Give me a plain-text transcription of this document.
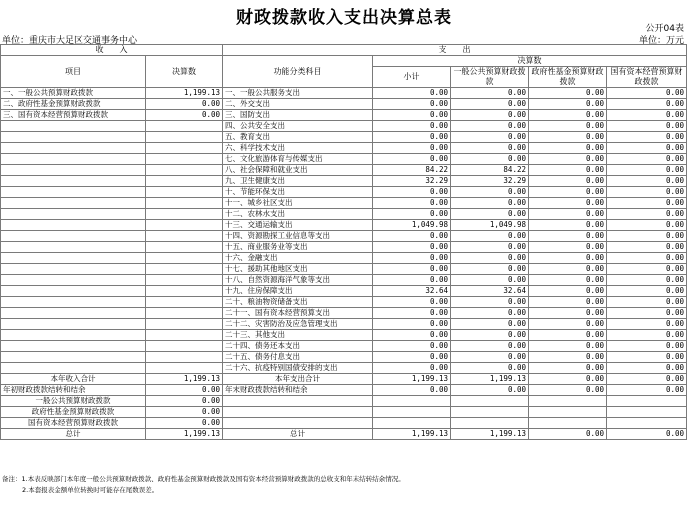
财政拨款收入支出决算总表
公开04表
单位：重庆市大足区交通事务中心	单位：万元
收　　入		支　　出				
项目	决算数	功能分类科目	决算数			
			小计	一般公共预算财政拨款	政府性基金预算财政拨款	国有资本经营预算财政拨款

一、一般公共预算财政拨款	1,199.13	一、一般公共服务支出	0.00	0.00	0.00	0.00
二、政府性基金预算财政拨款	0.00	二、外交支出	0.00	0.00	0.00	0.00
三、国有资本经营预算财政拨款	0.00	三、国防支出	0.00	0.00	0.00	0.00
		四、公共安全支出	0.00	0.00	0.00	0.00
		五、教育支出	0.00	0.00	0.00	0.00
		六、科学技术支出	0.00	0.00	0.00	0.00
		七、文化旅游体育与传媒支出	0.00	0.00	0.00	0.00
		八、社会保障和就业支出	84.22	84.22	0.00	0.00
		九、卫生健康支出	32.29	32.29	0.00	0.00
		十、节能环保支出	0.00	0.00	0.00	0.00
		十一、城乡社区支出	0.00	0.00	0.00	0.00
		十二、农林水支出	0.00	0.00	0.00	0.00
		十三、交通运输支出	1,049.98	1,049.98	0.00	0.00
		十四、资源勘探工业信息等支出	0.00	0.00	0.00	0.00
		十五、商业服务业等支出	0.00	0.00	0.00	0.00
		十六、金融支出	0.00	0.00	0.00	0.00
		十七、援助其他地区支出	0.00	0.00	0.00	0.00
		十八、自然资源海洋气象等支出	0.00	0.00	0.00	0.00
		十九、住房保障支出	32.64	32.64	0.00	0.00
		二十、粮油物资储备支出	0.00	0.00	0.00	0.00
		二十一、国有资本经营预算支出	0.00	0.00	0.00	0.00
		二十二、灾害防治及应急管理支出	0.00	0.00	0.00	0.00
		二十三、其他支出	0.00	0.00	0.00	0.00
		二十四、债务还本支出	0.00	0.00	0.00	0.00
		二十五、债务付息支出	0.00	0.00	0.00	0.00
		二十六、抗疫特别国债安排的支出	0.00	0.00	0.00	0.00
本年收入合计	1,199.13	本年支出合计	1,199.13	1,199.13	0.00	0.00
年初财政拨款结转和结余	0.00	年末财政拨款结转和结余	0.00	0.00	0.00	0.00
一般公共预算财政拨款	0.00					
政府性基金预算财政拨款	0.00					
国有资本经营预算财政拨款	0.00					
总计	1,199.13	总计	1,199.13	1,199.13	0.00	0.00
备注：1.本表反映部门本年度一般公共预算财政拨款、政府性基金预算财政拨款及国有资本经营预算财政拨款的总收支和年末结转结余情况。
2.本套报表金额单位转换时可能存在尾数误差。
